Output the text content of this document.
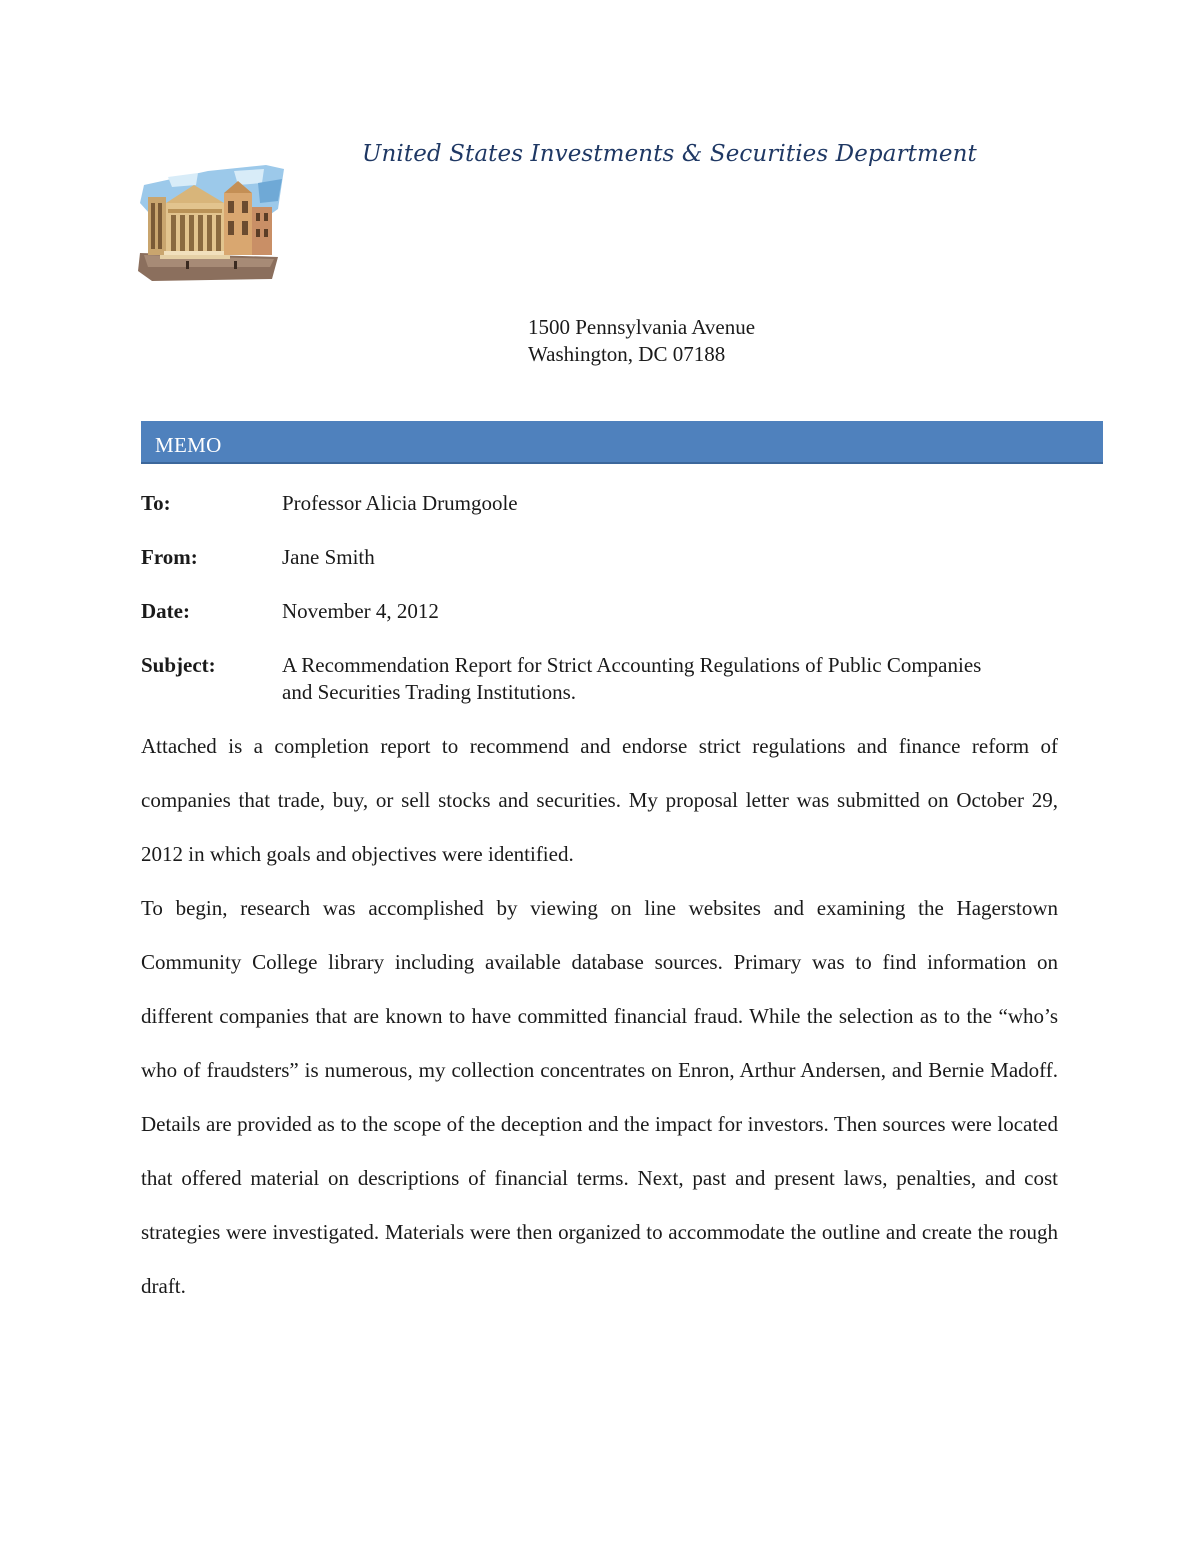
United States Investments & Securities Department
1500 Pennsylvania Avenue
Washington, DC 07188
MEMO
To:	Professor Alicia Drumgoole
From:	Jane Smith
Date:	November 4, 2012
Subject:	A Recommendation Report for Strict Accounting Regulations of Public Companies and Securities Trading Institutions.

Attached is a completion report to recommend and endorse strict regulations and finance reform of companies that trade, buy, or sell stocks and securities. My proposal letter was submitted on October 29, 2012 in which goals and objectives were identified.

To begin, research was accomplished by viewing on line websites and examining the Hagerstown Community College library including available database sources. Primary was to find information on different companies that are known to have committed financial fraud. While the selection as to the “who’s who of fraudsters” is numerous, my collection concentrates on Enron, Arthur Andersen, and Bernie Madoff. Details are provided as to the scope of the deception and the impact for investors. Then sources were located that offered material on descriptions of financial terms. Next, past and present laws, penalties, and cost strategies were investigated. Materials were then organized to accommodate the outline and create the rough draft.
